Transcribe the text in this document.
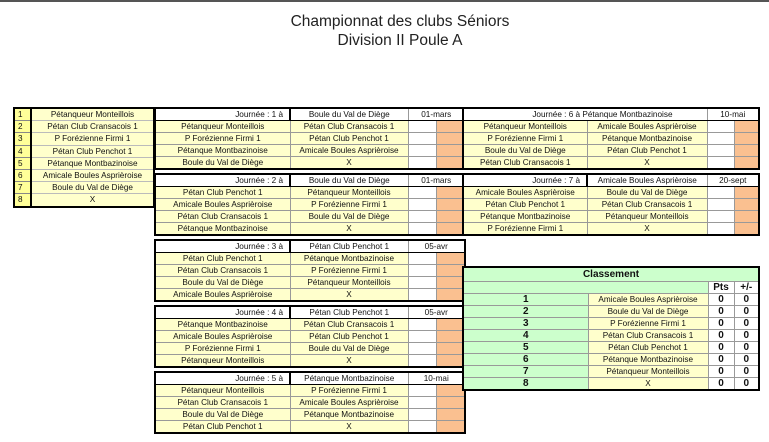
Championnat des clubs Séniors
Division II Poule A
1	Pétanqueur Monteillois
2	Pétan Club Cransacois 1
3	P Forézienne Firmi 1
4	Pétan Club Penchot 1
5	Pétanque Montbazinoise
6	Amicale Boules Asprièroise
7	Boule du Val de Diège
8	X
Journée : 1 à	Boule du Val de Diège	01-mars	
Pétanqueur Monteillois	Pétan Club Cransacois 1		
P Forézienne Firmi 1	Pétan Club Penchot 1		
Pétanque Montbazinoise	Amicale Boules Asprièroise		
Boule du Val de Diège	X		
Journée : 2 à	Boule du Val de Diège	01-mars	
Pétan Club Penchot 1	Pétanqueur Monteillois		
Amicale Boules Asprièroise	P Forézienne Firmi 1		
Pétan Club Cransacois 1	Boule du Val de Diège		
Pétanque Montbazinoise	X		
Journée : 3 à	Pétan Club Penchot 1	05-avr	
Pétan Club Penchot 1	Pétanque Montbazinoise		
Pétan Club Cransacois 1	P Forézienne Firmi 1		
Boule du Val de Diège	Pétanqueur Monteillois		
Amicale Boules Asprièroise	X		
Journée : 4 à	Pétan Club Penchot 1	05-avr	
Pétanque Montbazinoise	Pétan Club Cransacois 1		
Amicale Boules Asprièroise	Pétan Club Penchot 1		
P Forézienne Firmi 1	Boule du Val de Diège		
Pétanqueur Monteillois	X		
Journée : 5 à	Pétanque Montbazinoise	10-mai	
Pétanqueur Monteillois	P Forézienne Firmi 1		
Pétan Club Cransacois 1	Amicale Boules Asprièroise		
Boule du Val de Diège	Pétanque Montbazinoise		
Pétan Club Penchot 1	X		
Journée : 6 à Pétanque Montbazinoise		10-mai	
Pétanqueur Monteillois	Amicale Boules Asprièroise		
P Forézienne Firmi 1	Pétanque Montbazinoise		
Boule du Val de Diège	Pétan Club Penchot 1		
Pétan Club Cransacois 1	X		
Journée : 7 à	Amicale Boules Asprièroise	20-sept	
Amicale Boules Asprièroise	Boule du Val de Diège		
Pétan Club Penchot 1	Pétan Club Cransacois 1		
Pétanque Montbazinoise	Pétanqueur Monteillois		
P Forézienne Firmi 1	X		
Classement			
		Pts	+/-
1	Amicale Boules Asprièroise	0	0
2	Boule du Val de Diège	0	0
3	P Forézienne Firmi 1	0	0
4	Pétan Club Cransacois 1	0	0
5	Pétan Club Penchot 1	0	0
6	Pétanque Montbazinoise	0	0
7	Pétanqueur Monteillois	0	0
8	X	0	0
